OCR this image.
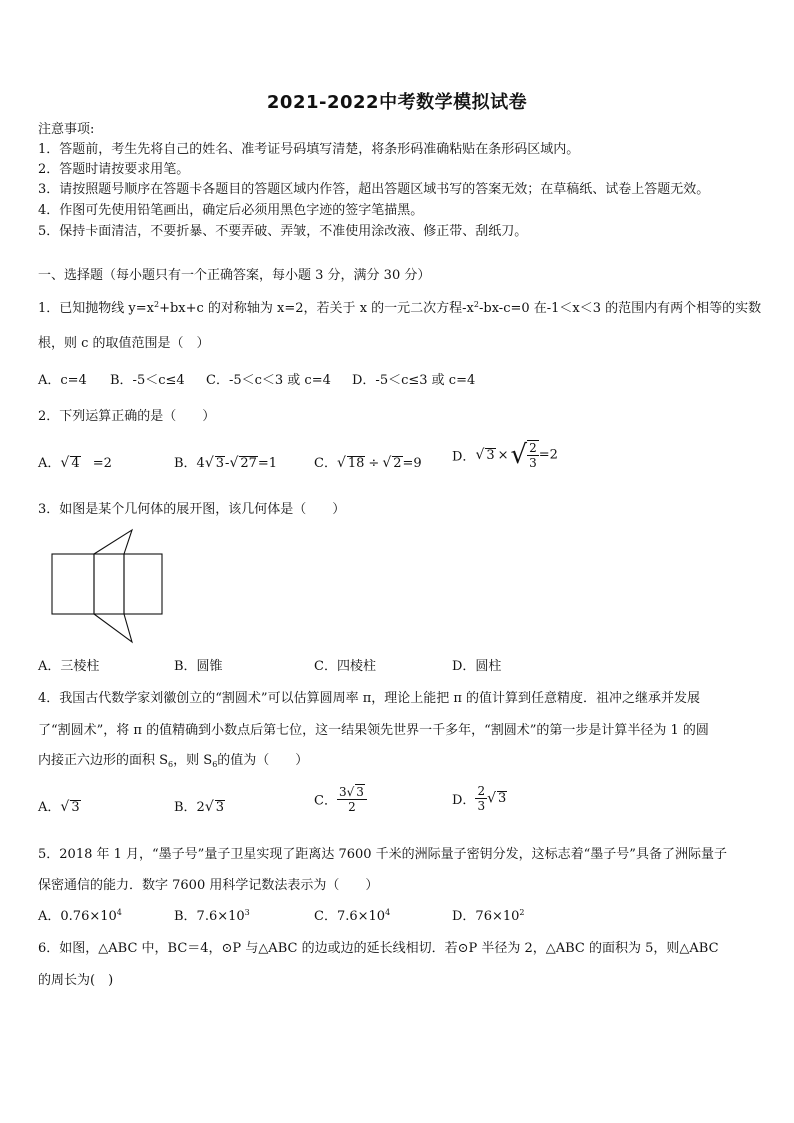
2021-2022中考数学模拟试卷
注意事项:
1．答题前，考生先将自己的姓名、准考证号码填写清楚，将条形码准确粘贴在条形码区域内。
2．答题时请按要求用笔。
3．请按照题号顺序在答题卡各题目的答题区域内作答，超出答题区域书写的答案无效；在草稿纸、试卷上答题无效。
4．作图可先使用铅笔画出，确定后必须用黑色字迹的签字笔描黑。
5．保持卡面清洁，不要折暴、不要弄破、弄皱，不准使用涂改液、修正带、刮纸刀。
一、选择题（每小题只有一个正确答案，每小题 3 分，满分 30 分）
1．已知抛物线 $y=x^2+bx+c$ 的对称轴为 x=2，若关于 x 的一元二次方程$-x^2-bx-c=0$ 在-1＜x＜3 的范围内有两个相等的实数
根，则 c 的取值范围是（　）
A．c=4 B．-5＜c≤4 C．-5＜c＜3 或 c=4 D．-5＜c≤3 或 c=4
2．下列运算正确的是（　　）
A．√ 4 =2	B．4√ 3-√ 27=1	C．√ 18 ÷ √ 2=9 D．√ 3 × √ $\frac{2}{3} =2$
3．如图是某个几何体的展开图，该几何体是（　　）
A．三棱柱	B．圆锥	C．四棱柱	D．圆柱
4．我国古代数学家刘徽创立的“割圆术”可以估算圆周率 π，理论上能把 π 的值计算到任意精度．祖冲之继承并发展
了“割圆术”，将 π 的值精确到小数点后第七位，这一结果领先世界一千多年，“割圆术”的第一步是计算半径为 1 的圆
内接正六边形的面积 $S_6$，则 $S_6$的值为（　　）
A．√ 3	B．2√ 3	C． $\frac{3√ 3}{2}$	D． $\frac{2}{3}$ √ 3
5．2018 年 1 月，“墨子号”量子卫星实现了距离达 7600 千米的洲际量子密钥分发，这标志着“墨子号”具备了洲际量子
保密通信的能力．数字 7600 用科学记数法表示为（　　）
A．$0.76\times 10^4$	B．$7.6\times 10^3$	C．$7.6\times 10^4$	D．$76\times 10^2$
6．如图，△ABC 中，BC＝4，⊙P 与△ABC 的边或边的延长线相切．若⊙P 半径为 2，△ABC 的面积为 5，则△ABC
的周长为(　)
